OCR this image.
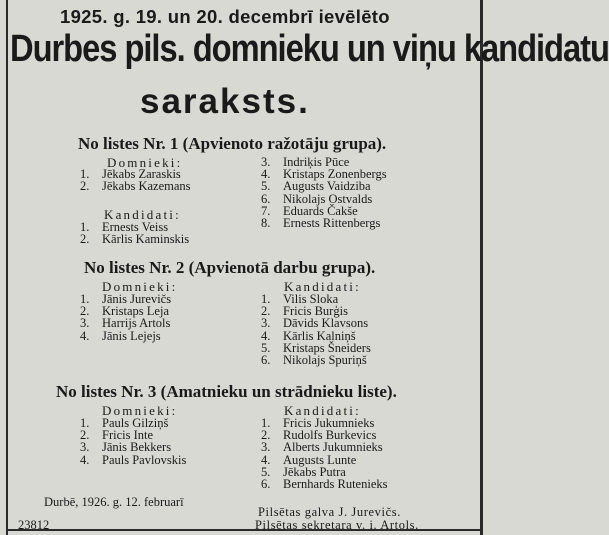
1925. g. 19. un 20. decembrī ievēlēto
Durbes pils. domnieku un viņu kandidatu
saraksts.
No listes Nr. 1 (Apvienoto ražotāju grupa).
Domnieki:
1. Jēkabs Zaraskis
2. Jēkabs Kazemans
Kandidati:
1. Ernests Veiss
2. Kārlis Kaminskis
3. Indriķis Pūce
4. Kristaps Zonenbergs
5. Augusts Vaidziba
6. Nikolajs Ostvalds
7. Eduards Čakše
8. Ernests Rittenbergs
No listes Nr. 2 (Apvienotā darbu grupa).
Domnieki:
1. Jānis Jurevičs
2. Kristaps Leja
3. Harrijs Artols
4. Jānis Lejejs
Kandidati:
1. Vilis Sloka
2. Fricis Burģis
3. Dāvids Klavsons
4. Kārlis Kalniņš
5. Kristaps Šneiders
6. Nikolajs Spuriņš
No listes Nr. 3 (Amatnieku un strādnieku liste).
Domnieki:
1. Pauls Gilziņš
2. Fricis Inte
3. Jānis Bekkers
4. Pauls Pavlovskis
Kandidati:
1. Fricis Jukumnieks
2. Rudolfs Burkevics
3. Alberts Jukumnieks
4. Augusts Lunte
5. Jēkabs Putra
6. Bernhards Rutenieks
Durbē, 1926. g. 12. februarī
23812
Pilsētas galva J. Jurevičs.
Pilsētas sekretara v. i. Artols.
